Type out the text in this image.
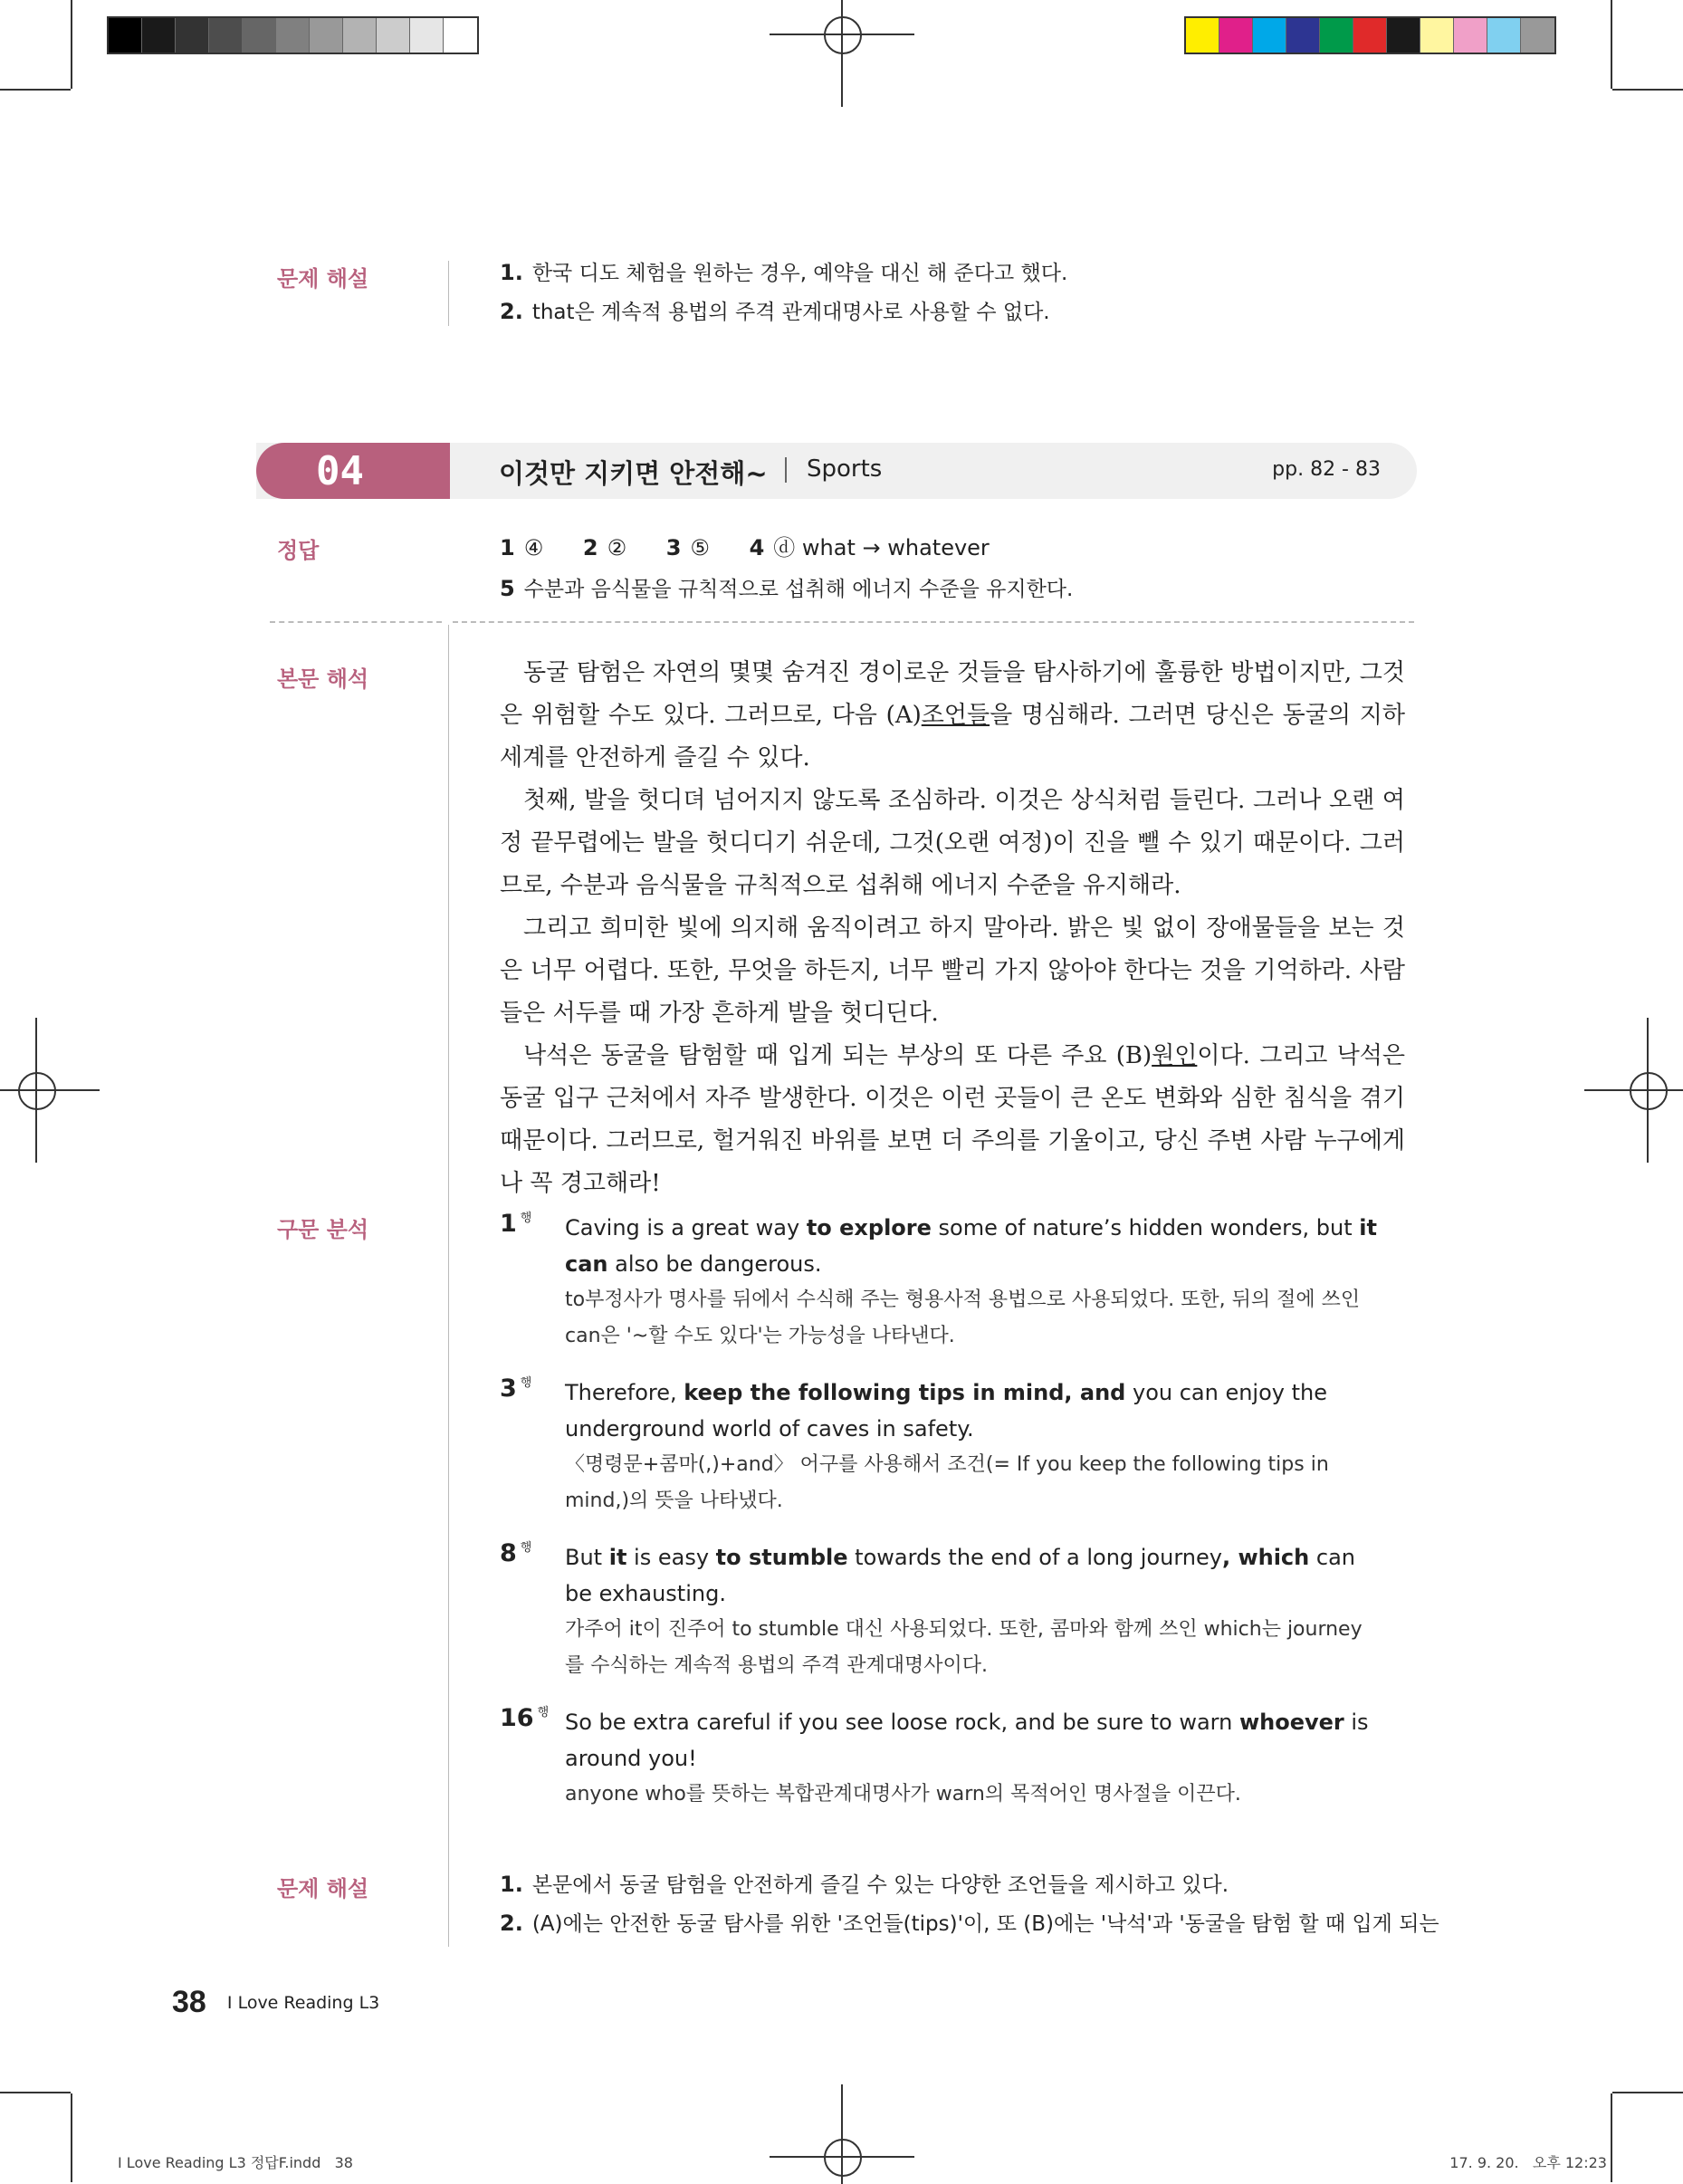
문제 해설	1. 한국 디도 체험을 원하는 경우, 예약을 대신 해 준다고 했다.
2. that은 계속적 용법의 주격 관계대명사로 사용할 수 없다.
04	이것만 지키면 안전해~ Sports	pp. 82 - 83
정답	1 ④ 2 ② 3 ⑤ 4 ⓓ what → whatever
5 수분과 음식물을 규칙적으로 섭취해 에너지 수준을 유지한다.
본문 해석	동굴 탐험은 자연의 몇몇 숨겨진 경이로운 것들을 탐사하기에 훌륭한 방법이지만, 그것은 위험할 수도 있다. 그러므로, 다음 (A)조언들을 명심해라. 그러면 당신은 동굴의 지하 세계를 안전하게 즐길 수 있다.

첫째, 발을 헛디뎌 넘어지지 않도록 조심하라. 이것은 상식처럼 들린다. 그러나 오랜 여정 끝무렵에는 발을 헛디디기 쉬운데, 그것(오랜 여정)이 진을 뺄 수 있기 때문이다. 그러므로, 수분과 음식물을 규칙적으로 섭취해 에너지 수준을 유지해라.

그리고 희미한 빛에 의지해 움직이려고 하지 말아라. 밝은 빛 없이 장애물들을 보는 것은 너무 어렵다. 또한, 무엇을 하든지, 너무 빨리 가지 않아야 한다는 것을 기억하라. 사람들은 서두를 때 가장 흔하게 발을 헛디딘다.

낙석은 동굴을 탐험할 때 입게 되는 부상의 또 다른 주요 (B)원인이다. 그리고 낙석은 동굴 입구 근처에서 자주 발생한다. 이것은 이런 곳들이 큰 온도 변화와 심한 침식을 겪기 때문이다. 그러므로, 헐거워진 바위를 보면 더 주의를 기울이고, 당신 주변 사람 누구에게나 꼭 경고해라!

구문 분석	1 $^행$ Caving is a great way to explore some of nature’s hidden wonders, but it can also be dangerous.
to부정사가 명사를 뒤에서 수식해 주는 형용사적 용법으로 사용되었다. 또한, 뒤의 절에 쓰인 can은 '~할 수도 있다'는 가능성을 나타낸다.
3 $^행$ Therefore, keep the following tips in mind, and you can enjoy the underground world of caves in safety.
〈명령문+콤마(,)+and〉 어구를 사용해서 조건(= If you keep the following tips in mind,)의 뜻을 나타냈다.
8 $^행$ But it is easy to stumble towards the end of a long journey, which can be exhausting.
가주어 it이 진주어 to stumble 대신 사용되었다. 또한, 콤마와 함께 쓰인 which는 journey를 수식하는 계속적 용법의 주격 관계대명사이다.
16 $^행$ So be extra careful if you see loose rock, and be sure to warn whoever is around you!
anyone who를 뜻하는 복합관계대명사가 warn의 목적어인 명사절을 이끈다.
문제 해설	1. 본문에서 동굴 탐험을 안전하게 즐길 수 있는 다양한 조언들을 제시하고 있다.
2. (A)에는 안전한 동굴 탐사를 위한 '조언들(tips)'이, 또 (B)에는 '낙석'과 '동굴을 탐험 할 때 입게 되는
38 I Love Reading L3
I Love Reading L3 정답F.indd   38	17. 9. 20.   오후 12:23
